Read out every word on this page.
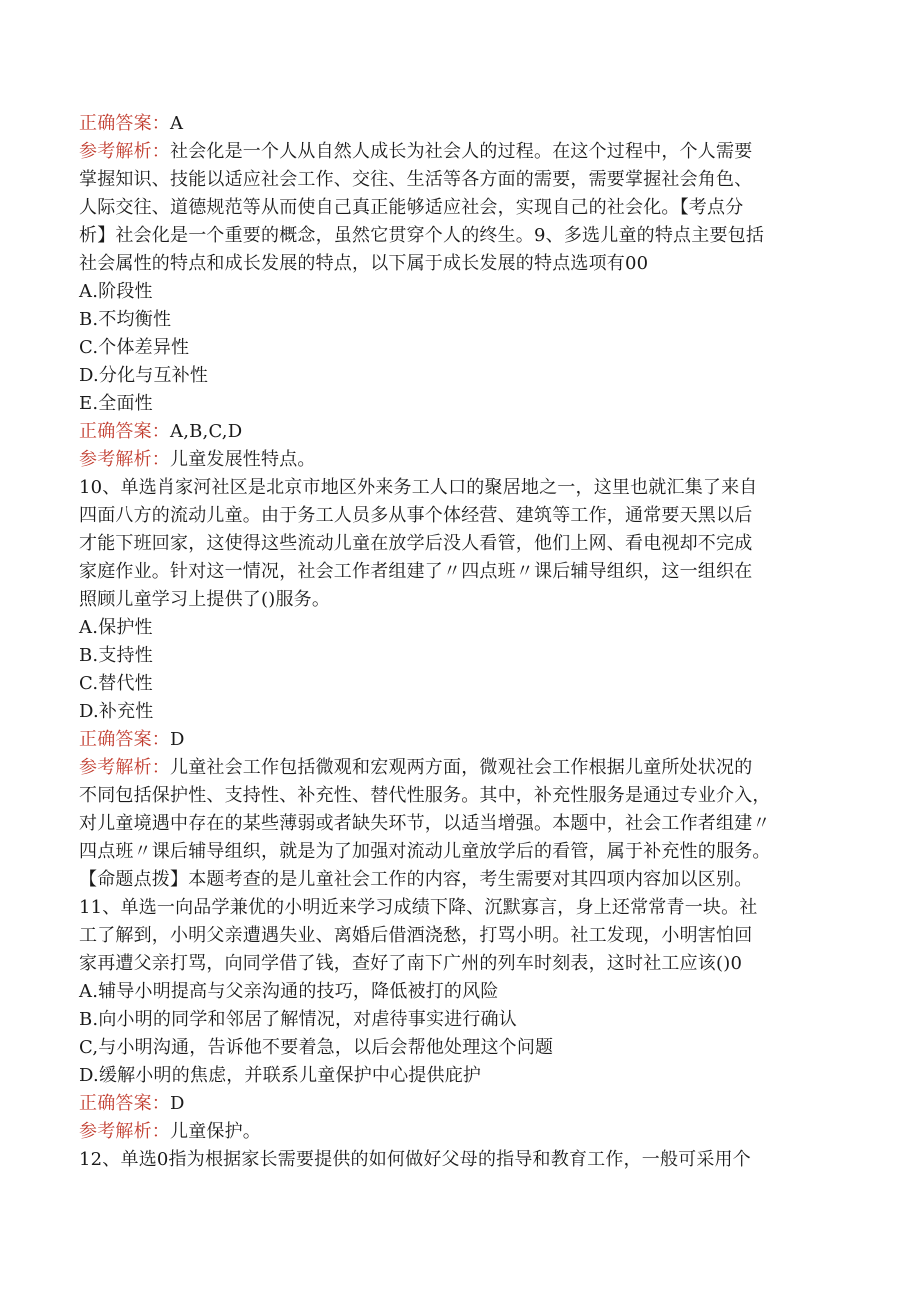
正确答案：A
参考解析：社会化是一个人从自然人成长为社会人的过程。在这个过程中，个人需要
掌握知识、技能以适应社会工作、交往、生活等各方面的需要，需要掌握社会角色、
人际交往、道德规范等从而使自己真正能够适应社会，实现自己的社会化。【考点分
析】社会化是一个重要的概念，虽然它贯穿个人的终生。9、多选儿童的特点主要包括
社会属性的特点和成长发展的特点，以下属于成长发展的特点选项有00
A.阶段性
B.不均衡性
C.个体差异性
D.分化与互补性
E.全面性
正确答案：A,B,C,D
参考解析：儿童发展性特点。
10、单选肖家河社区是北京市地区外来务工人口的聚居地之一，这里也就汇集了来自
四面八方的流动儿童。由于务工人员多从事个体经营、建筑等工作，通常要天黑以后
才能下班回家，这使得这些流动儿童在放学后没人看管，他们上网、看电视却不完成
家庭作业。针对这一情况，社会工作者组建了〃四点班〃课后辅导组织，这一组织在
照顾儿童学习上提供了()服务。
A.保护性
B.支持性
C.替代性
D.补充性
正确答案：D
参考解析：儿童社会工作包括微观和宏观两方面，微观社会工作根据儿童所处状况的
不同包括保护性、支持性、补充性、替代性服务。其中，补充性服务是通过专业介入，
对儿童境遇中存在的某些薄弱或者缺失环节，以适当增强。本题中，社会工作者组建〃
四点班〃课后辅导组织，就是为了加强对流动儿童放学后的看管，属于补充性的服务。
【命题点拨】本题考查的是儿童社会工作的内容，考生需要对其四项内容加以区别。
11、单选一向品学兼优的小明近来学习成绩下降、沉默寡言，身上还常常青一块。社
工了解到，小明父亲遭遇失业、离婚后借酒浇愁，打骂小明。社工发现，小明害怕回
家再遭父亲打骂，向同学借了钱，查好了南下广州的列车时刻表，这时社工应该()0
A.辅导小明提高与父亲沟通的技巧，降低被打的风险
B.向小明的同学和邻居了解情况，对虐待事实进行确认
C,与小明沟通，告诉他不要着急，以后会帮他处理这个问题
D.缓解小明的焦虑，并联系儿童保护中心提供庇护
正确答案：D
参考解析：儿童保护。
12、单选0指为根据家长需要提供的如何做好父母的指导和教育工作，一般可采用个
